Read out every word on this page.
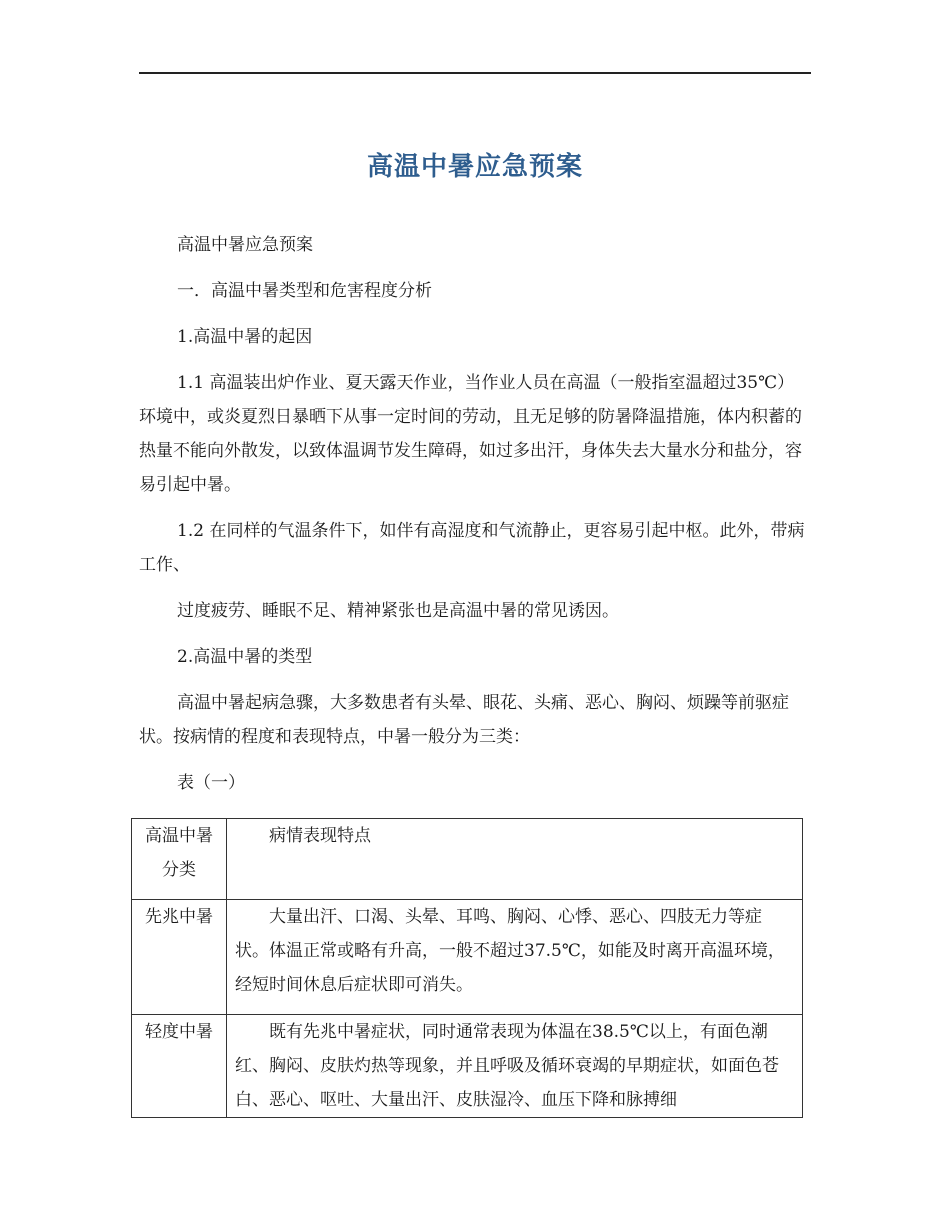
高温中暑应急预案

高温中暑应急预案

一．高温中暑类型和危害程度分析

1.高温中暑的起因

1.1 高温装出炉作业、夏天露天作业，当作业人员在高温（一般指室温超过35℃）环境中，或炎夏烈日暴晒下从事一定时间的劳动，且无足够的防暑降温措施，体内积蓄的热量不能向外散发，以致体温调节发生障碍，如过多出汗，身体失去大量水分和盐分，容易引起中暑。

1.2 在同样的气温条件下，如伴有高湿度和气流静止，更容易引起中枢。此外，带病工作、

过度疲劳、睡眠不足、精神紧张也是高温中暑的常见诱因。

2.高温中暑的类型

高温中暑起病急骤，大多数患者有头晕、眼花、头痛、恶心、胸闷、烦躁等前驱症状。按病情的程度和表现特点，中暑一般分为三类：

表（一）

高温中暑分类	病情表现特点
先兆中暑	大量出汗、口渴、头晕、耳鸣、胸闷、心悸、恶心、四肢无力等症状。体温正常或略有升高，一般不超过37.5℃，如能及时离开高温环境，经短时间休息后症状即可消失。
轻度中暑	既有先兆中暑症状，同时通常表现为体温在38.5℃以上，有面色潮红、胸闷、皮肤灼热等现象，并且呼吸及循环衰竭的早期症状，如面色苍白、恶心、呕吐、大量出汗、皮肤湿冷、血压下降和脉搏细
